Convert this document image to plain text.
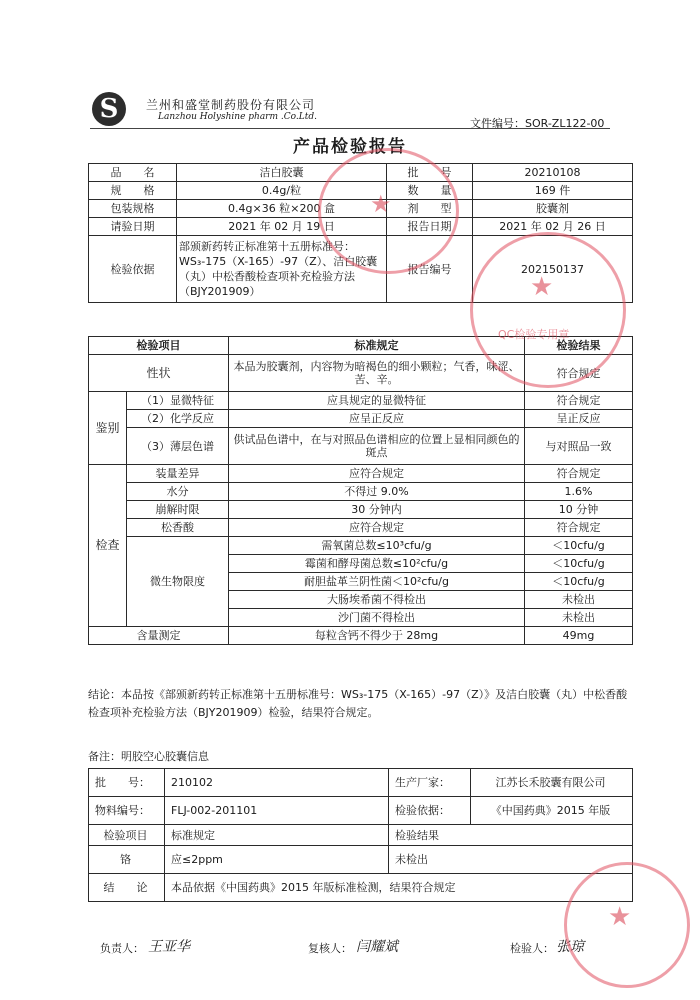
S	兰州和盛堂制药股份有限公司
Lanzhou Holyshine pharm .Co.Ltd.	文件编号：SOR-ZL122-00
产品检验报告
品　　名	洁白胶囊	批　　号	20210108
规　　格	0.4g/粒	数　　量	169 件
包装规格	0.4g×36 粒×200 盒	剂　　型	胶囊剂
请验日期	2021 年 02 月 19 日	报告日期	2021 年 02 月 26 日
检验依据	部颁新药转正标准第十五册标准号：WS₃-175（X-165）-97（Z）、洁白胶囊（丸）中松香酸检查项补充检验方法（BJY201909）	报告编号	202150137
检验项目		标准规定	检验结果
性状		本品为胶囊剂，内容物为暗褐色的细小颗粒；气香，味涩、苦、辛。	符合规定
鉴别	（1）显微特征	应具规定的显微特征	符合规定
	（2）化学反应	应呈正反应	呈正反应
	（3）薄层色谱	供试品色谱中，在与对照品色谱相应的位置上显相同颜色的斑点	与对照品一致
检查	装量差异	应符合规定	符合规定
	水分	不得过 9.0%	1.6%
	崩解时限	30 分钟内	10 分钟
	松香酸	应符合规定	符合规定
	微生物限度	需氧菌总数≤10³cfu/g	＜10cfu/g
		霉菌和酵母菌总数≤10²cfu/g	＜10cfu/g
		耐胆盐革兰阴性菌＜10²cfu/g	＜10cfu/g
		大肠埃希菌不得检出	未检出
		沙门菌不得检出	未检出
含量测定		每粒含钙不得少于 28mg	49mg
结论：本品按《部颁新药转正标准第十五册标准号：WS₃-175（X-165）-97（Z）》及洁白胶囊（丸）中松香酸检查项补充检验方法（BJY201909）检验，结果符合规定。
备注：明胶空心胶囊信息
批　　号：	210102	生产厂家：	江苏长禾胶囊有限公司
物料编号：	FLJ-002-201101	检验依据：	《中国药典》2015 年版
检验项目	标准规定	检验结果	
铬	应≤2ppm	未检出	
结　　论	本品依据《中国药典》2015 年版标准检测，结果符合规定		
负责人： 王亚华	复核人： 闫耀斌	检验人： 张琼
★
★
QC检验专用章
★
